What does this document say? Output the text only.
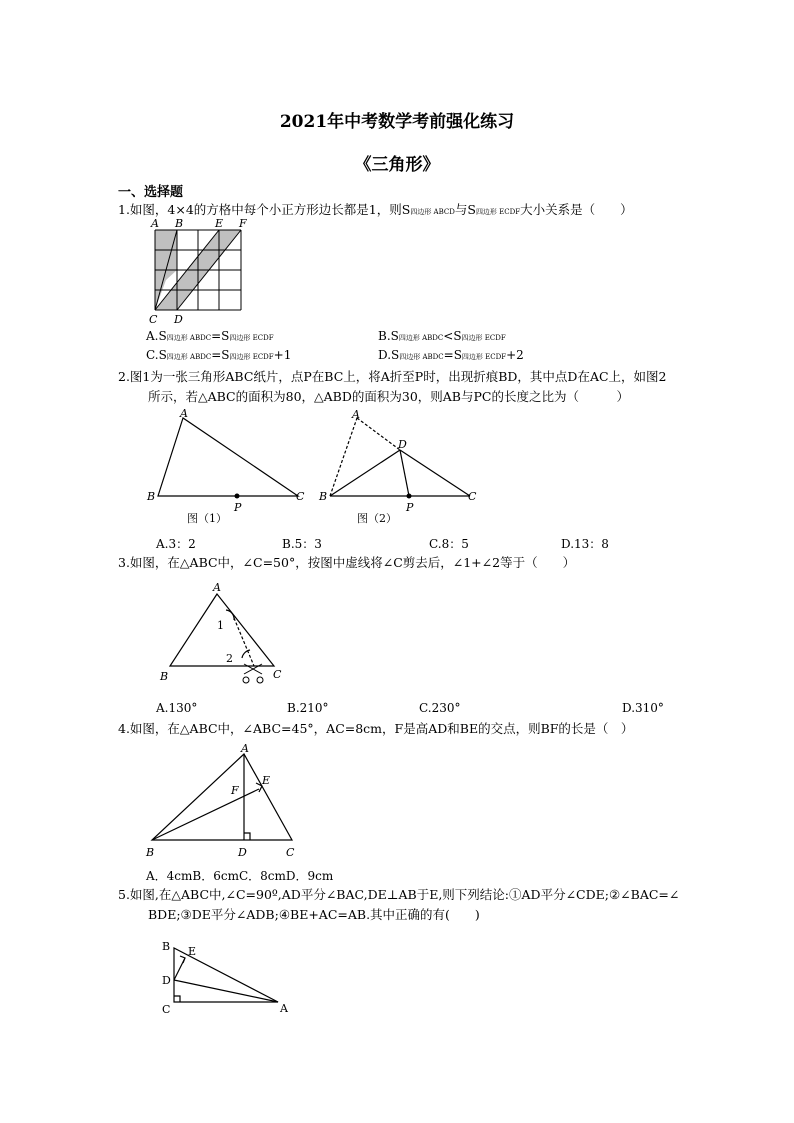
2021年中考数学考前强化练习
《三角形》
一、选择题
1.如图，4×4的方格中每个小正方形边长都是1，则S四边形 ABCD与S四边形 ECDF大小关系是（　　）
A B	E F
C D
A.S四边形 ABDC=S四边形 ECDF	B.S四边形 ABDC<S四边形 ECDF
C.S四边形 ABDC=S四边形 ECDF+1	D.S四边形 ABDC=S四边形 ECDF+2
2.图1为一张三角形ABC纸片，点P在BC上，将A折至P时，出现折痕BD，其中点D在AC上，如图2
所示，若△ABC的面积为80，△ABD的面积为30，则AB与PC的长度之比为（　　　）
A
B
P
C
图（1）
A
D
B
P
C
图（2）
A.3：2	B.5：3	C.8：5	D.13：8
3.如图，在△ABC中，∠C=50°，按图中虚线将∠C剪去后，∠1+∠2等于（　　）
A
1
2
B	C
A.130°	B.210°	C.230°	D.310°
4.如图，在△ABC中，∠ABC=45°，AC=8cm，F是高AD和BE的交点，则BF的长是（　）
A
E
F
B	D	C
A．4cmB．6cmC．8cmD．9cm
5.如图,在△ABC中,∠C=90º,AD平分∠BAC,DE⊥AB于E,则下列结论:①AD平分∠CDE;②∠BAC=∠
BDE;③DE平分∠ADB;④BE+AC=AB.其中正确的有(　　)
B E
D
C	A
